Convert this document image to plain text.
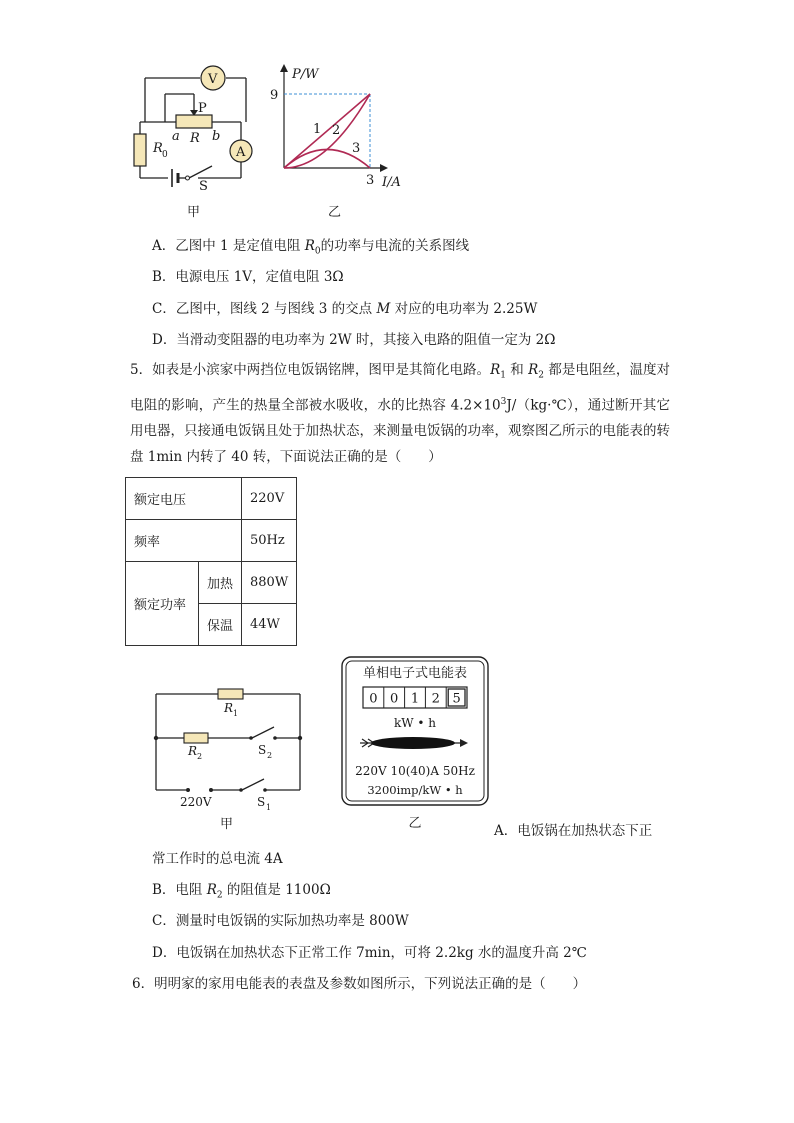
V
A
P
a R b
R 0
S
甲
P/W
I/A
9
3
1 2
3
乙
A．乙图中 1 是定值电阻 $R_0$的功率与电流的关系图线
B．电源电压 1V，定值电阻 3Ω
C．乙图中，图线 2 与图线 3 的交点 M 对应的电功率为 2.25W
D．当滑动变阻器的电功率为 2W 时，其接入电路的阻值一定为 2Ω
5．如表是小滨家中两挡位电饭锅铭牌，图甲是其简化电路。$R_1$ 和 $R_2$ 都是电阻丝，温度对电阻的影响，产生的热量全部被水吸收，水的比热容 $4.2\times 10^3J/(kg\cdot℃)$，通过断开其它用电器，只接通电饭锅且处于加热状态，来测量电饭锅的功率，观察图乙所示的电能表的转盘 1min 内转了 40 转，下面说法正确的是（　　）
额定电压		220V
频率		50Hz
额定功率	加热	880W
	保温	44W
R 1
R 2	S 2
220V	S 1
甲
单相电子式电能表
0 0 1 2 5
kW • h
220V 10(40)A 50Hz
3200imp/kW • h
乙	A．电饭锅在加热状态下正
常工作时的总电流 4A
B．电阻 $R_2$ 的阻值是 1100Ω
C．测量时电饭锅的实际加热功率是 800W
D．电饭锅在加热状态下正常工作 7min，可将 2.2kg 水的温度升高 2℃
6．明明家的家用电能表的表盘及参数如图所示，下列说法正确的是（　　）
